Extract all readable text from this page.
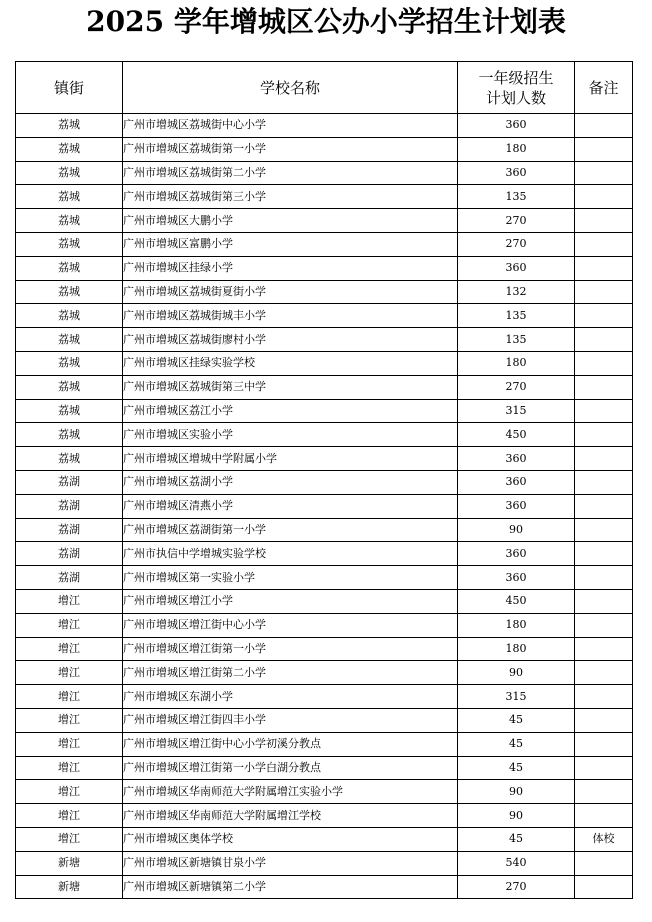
2025 学年增城区公办小学招生计划表
镇街	学校名称	一年级招生
计划人数	备注
荔城	广州市增城区荔城街中心小学	360	
荔城	广州市增城区荔城街第一小学	180	
荔城	广州市增城区荔城街第二小学	360	
荔城	广州市增城区荔城街第三小学	135	
荔城	广州市增城区大鹏小学	270	
荔城	广州市增城区富鹏小学	270	
荔城	广州市增城区挂绿小学	360	
荔城	广州市增城区荔城街夏街小学	132	
荔城	广州市增城区荔城街城丰小学	135	
荔城	广州市增城区荔城街廖村小学	135	
荔城	广州市增城区挂绿实验学校	180	
荔城	广州市增城区荔城街第三中学	270	
荔城	广州市增城区荔江小学	315	
荔城	广州市增城区实验小学	450	
荔城	广州市增城区增城中学附属小学	360	
荔湖	广州市增城区荔湖小学	360	
荔湖	广州市增城区清燕小学	360	
荔湖	广州市增城区荔湖街第一小学	90	
荔湖	广州市执信中学增城实验学校	360	
荔湖	广州市增城区第一实验小学	360	
增江	广州市增城区增江小学	450	
增江	广州市增城区增江街中心小学	180	
增江	广州市增城区增江街第一小学	180	
增江	广州市增城区增江街第二小学	90	
增江	广州市增城区东湖小学	315	
增江	广州市增城区增江街四丰小学	45	
增江	广州市增城区增江街中心小学初溪分教点	45	
增江	广州市增城区增江街第一小学白湖分教点	45	
增江	广州市增城区华南师范大学附属增江实验小学	90	
增江	广州市增城区华南师范大学附属增江学校	90	
增江	广州市增城区奥体学校	45	体校
新塘	广州市增城区新塘镇甘泉小学	540	
新塘	广州市增城区新塘镇第二小学	270	
